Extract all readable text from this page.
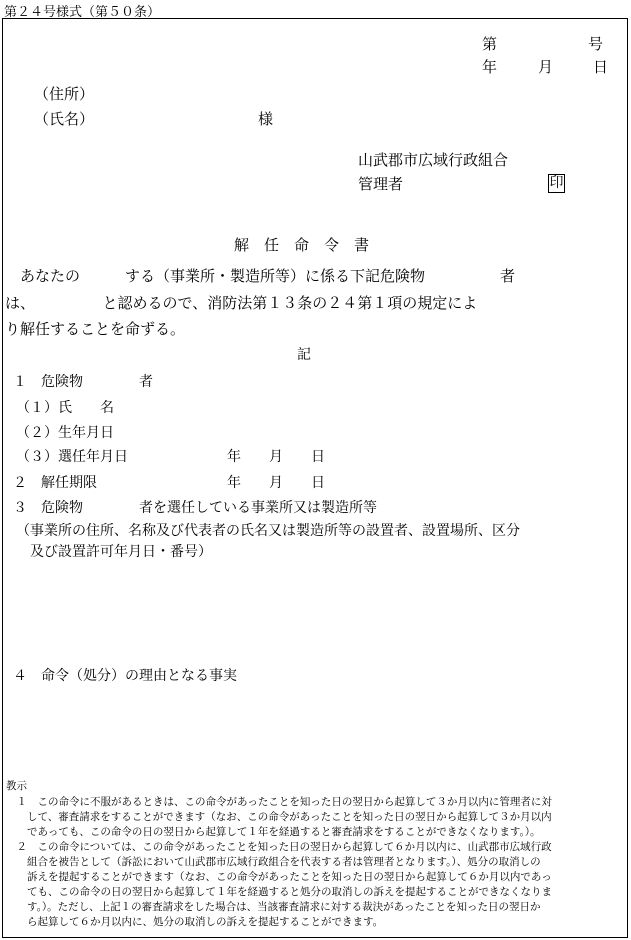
第２４号様式（第５０条）
第	号
年	月	日
（住所）
（氏名）	様
山武郡市広域行政組合
管理者	印
解　任　命　令　書
　あなたの　　　する（事業所・製造所等）に係る下記危険物　　　　　者
は、　　　　　と認めるので、消防法第１３条の２４第１項の規定によ
り解任することを命ずる。
記
１　危険物　　　　者
（１）氏　　名
（２）生年月日
（３）選任年月日	年　　月　　日
２　解任期限	年　　月　　日
３　危険物　　　　者を選任している事業所又は製造所等
（事業所の住所、名称及び代表者の氏名又は製造所等の設置者、設置場所、区分
　及び設置許可年月日・番号）
４　命令（処分）の理由となる事実
教示
　１　この命令に不服があるときは、この命令があったことを知った日の翌日から起算して３か月以内に管理者に対
　　して、審査請求をすることができます（なお、この命令があったことを知った日の翌日から起算して３か月以内
　　であっても、この命令の日の翌日から起算して１年を経過すると審査請求をすることができなくなります。）。
　２　この命令については、この命令があったことを知った日の翌日から起算して６か月以内に、山武郡市広域行政
　　組合を被告として（訴訟において山武郡市広域行政組合を代表する者は管理者となります。）、処分の取消しの
　　訴えを提起することができます（なお、この命令があったことを知った日の翌日から起算して６か月以内であっ
　　ても、この命令の日の翌日から起算して１年を経過すると処分の取消しの訴えを提起することができなくなりま
　　す。）。ただし、上記１の審査請求をした場合は、当該審査請求に対する裁決があったことを知った日の翌日か
　　ら起算して６か月以内に、処分の取消しの訴えを提起することができます。
